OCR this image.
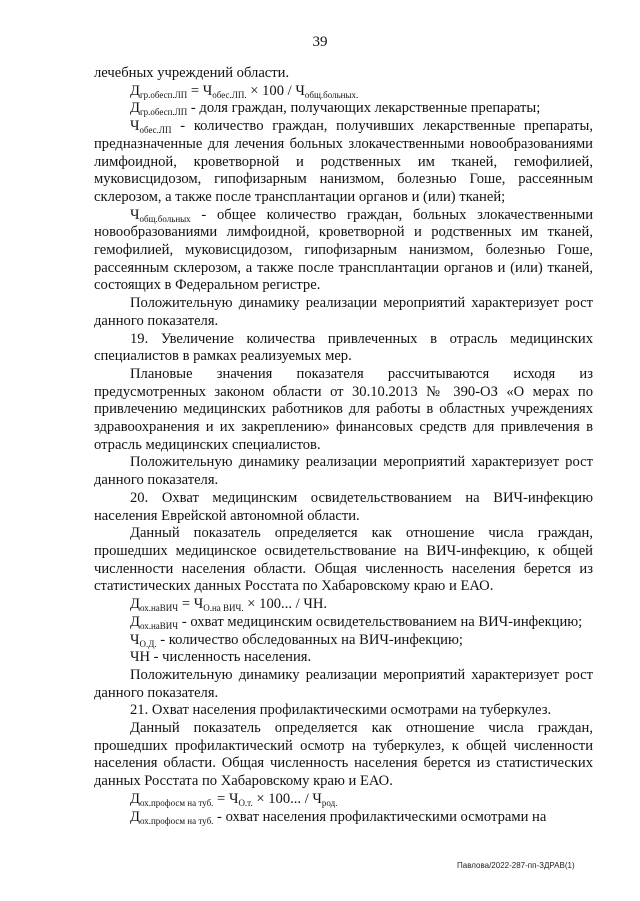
39

лечебных учреждений области.

$Д_{гр.обесп.ЛП} = Ч_{обес.ЛП.} \times 100 / Ч_{общ.больных.}$

$Д_{гр.обесп.ЛП}$ - доля граждан, получающих лекарственные препараты;

$Ч_{обес.ЛП}$ - количество граждан, получивших лекарственные препараты, предназначенные для лечения больных злокачественными новообразованиями лимфоидной, кроветворной и родственных им тканей, гемофилией, муковисцидозом, гипофизарным нанизмом, болезнью Гоше, рассеянным склерозом, а также после трансплантации органов и (или) тканей;

$Ч_{общ.больных}$ - общее количество граждан, больных злокачественными новообразованиями лимфоидной, кроветворной и родственных им тканей, гемофилией, муковисцидозом, гипофизарным нанизмом, болезнью Гоше, рассеянным склерозом, а также после трансплантации органов и (или) тканей, состоящих в Федеральном регистре.

Положительную динамику реализации мероприятий характеризует рост данного показателя.

19. Увеличение количества привлеченных в отрасль медицинских специалистов в рамках реализуемых мер.

Плановые значения показателя рассчитываются исходя из предусмотренных законом области от 30.10.2013 № 390-ОЗ «О мерах по привлечению медицинских работников для работы в областных учреждениях здравоохранения и их закреплению» финансовых средств для привлечения в отрасль медицинских специалистов.

Положительную динамику реализации мероприятий характеризует рост данного показателя.

20. Охват медицинским освидетельствованием на ВИЧ-инфекцию населения Еврейской автономной области.

Данный показатель определяется как отношение числа граждан, прошедших медицинское освидетельствование на ВИЧ-инфекцию, к общей численности населения области. Общая численность населения берется из статистических данных Росстата по Хабаровскому краю и ЕАО.

$Д_{ох.наВИЧ} = Ч_{О.на ВИЧ.} \times 100$... / ЧН.

$Д_{ох.наВИЧ}$ - охват медицинским освидетельствованием на ВИЧ-инфекцию;

$Ч_{О.Д.}$ - количество обследованных на ВИЧ-инфекцию;

ЧН - численность населения.

Положительную динамику реализации мероприятий характеризует рост данного показателя.

21. Охват населения профилактическими осмотрами на туберкулез.

Данный показатель определяется как отношение числа граждан, прошедших профилактический осмотр на туберкулез, к общей численности населения области. Общая численность населения берется из статистических данных Росстата по Хабаровскому краю и ЕАО.

$Д_{ох.профосм на туб.} = Ч_{О.т.} \times 100$... / $Ч_{род.}$

$Д_{ох.профосм на туб.}$ - охват населения профилактическими осмотрами на

Павлова/2022-287-пп-ЗДРАВ(1)
